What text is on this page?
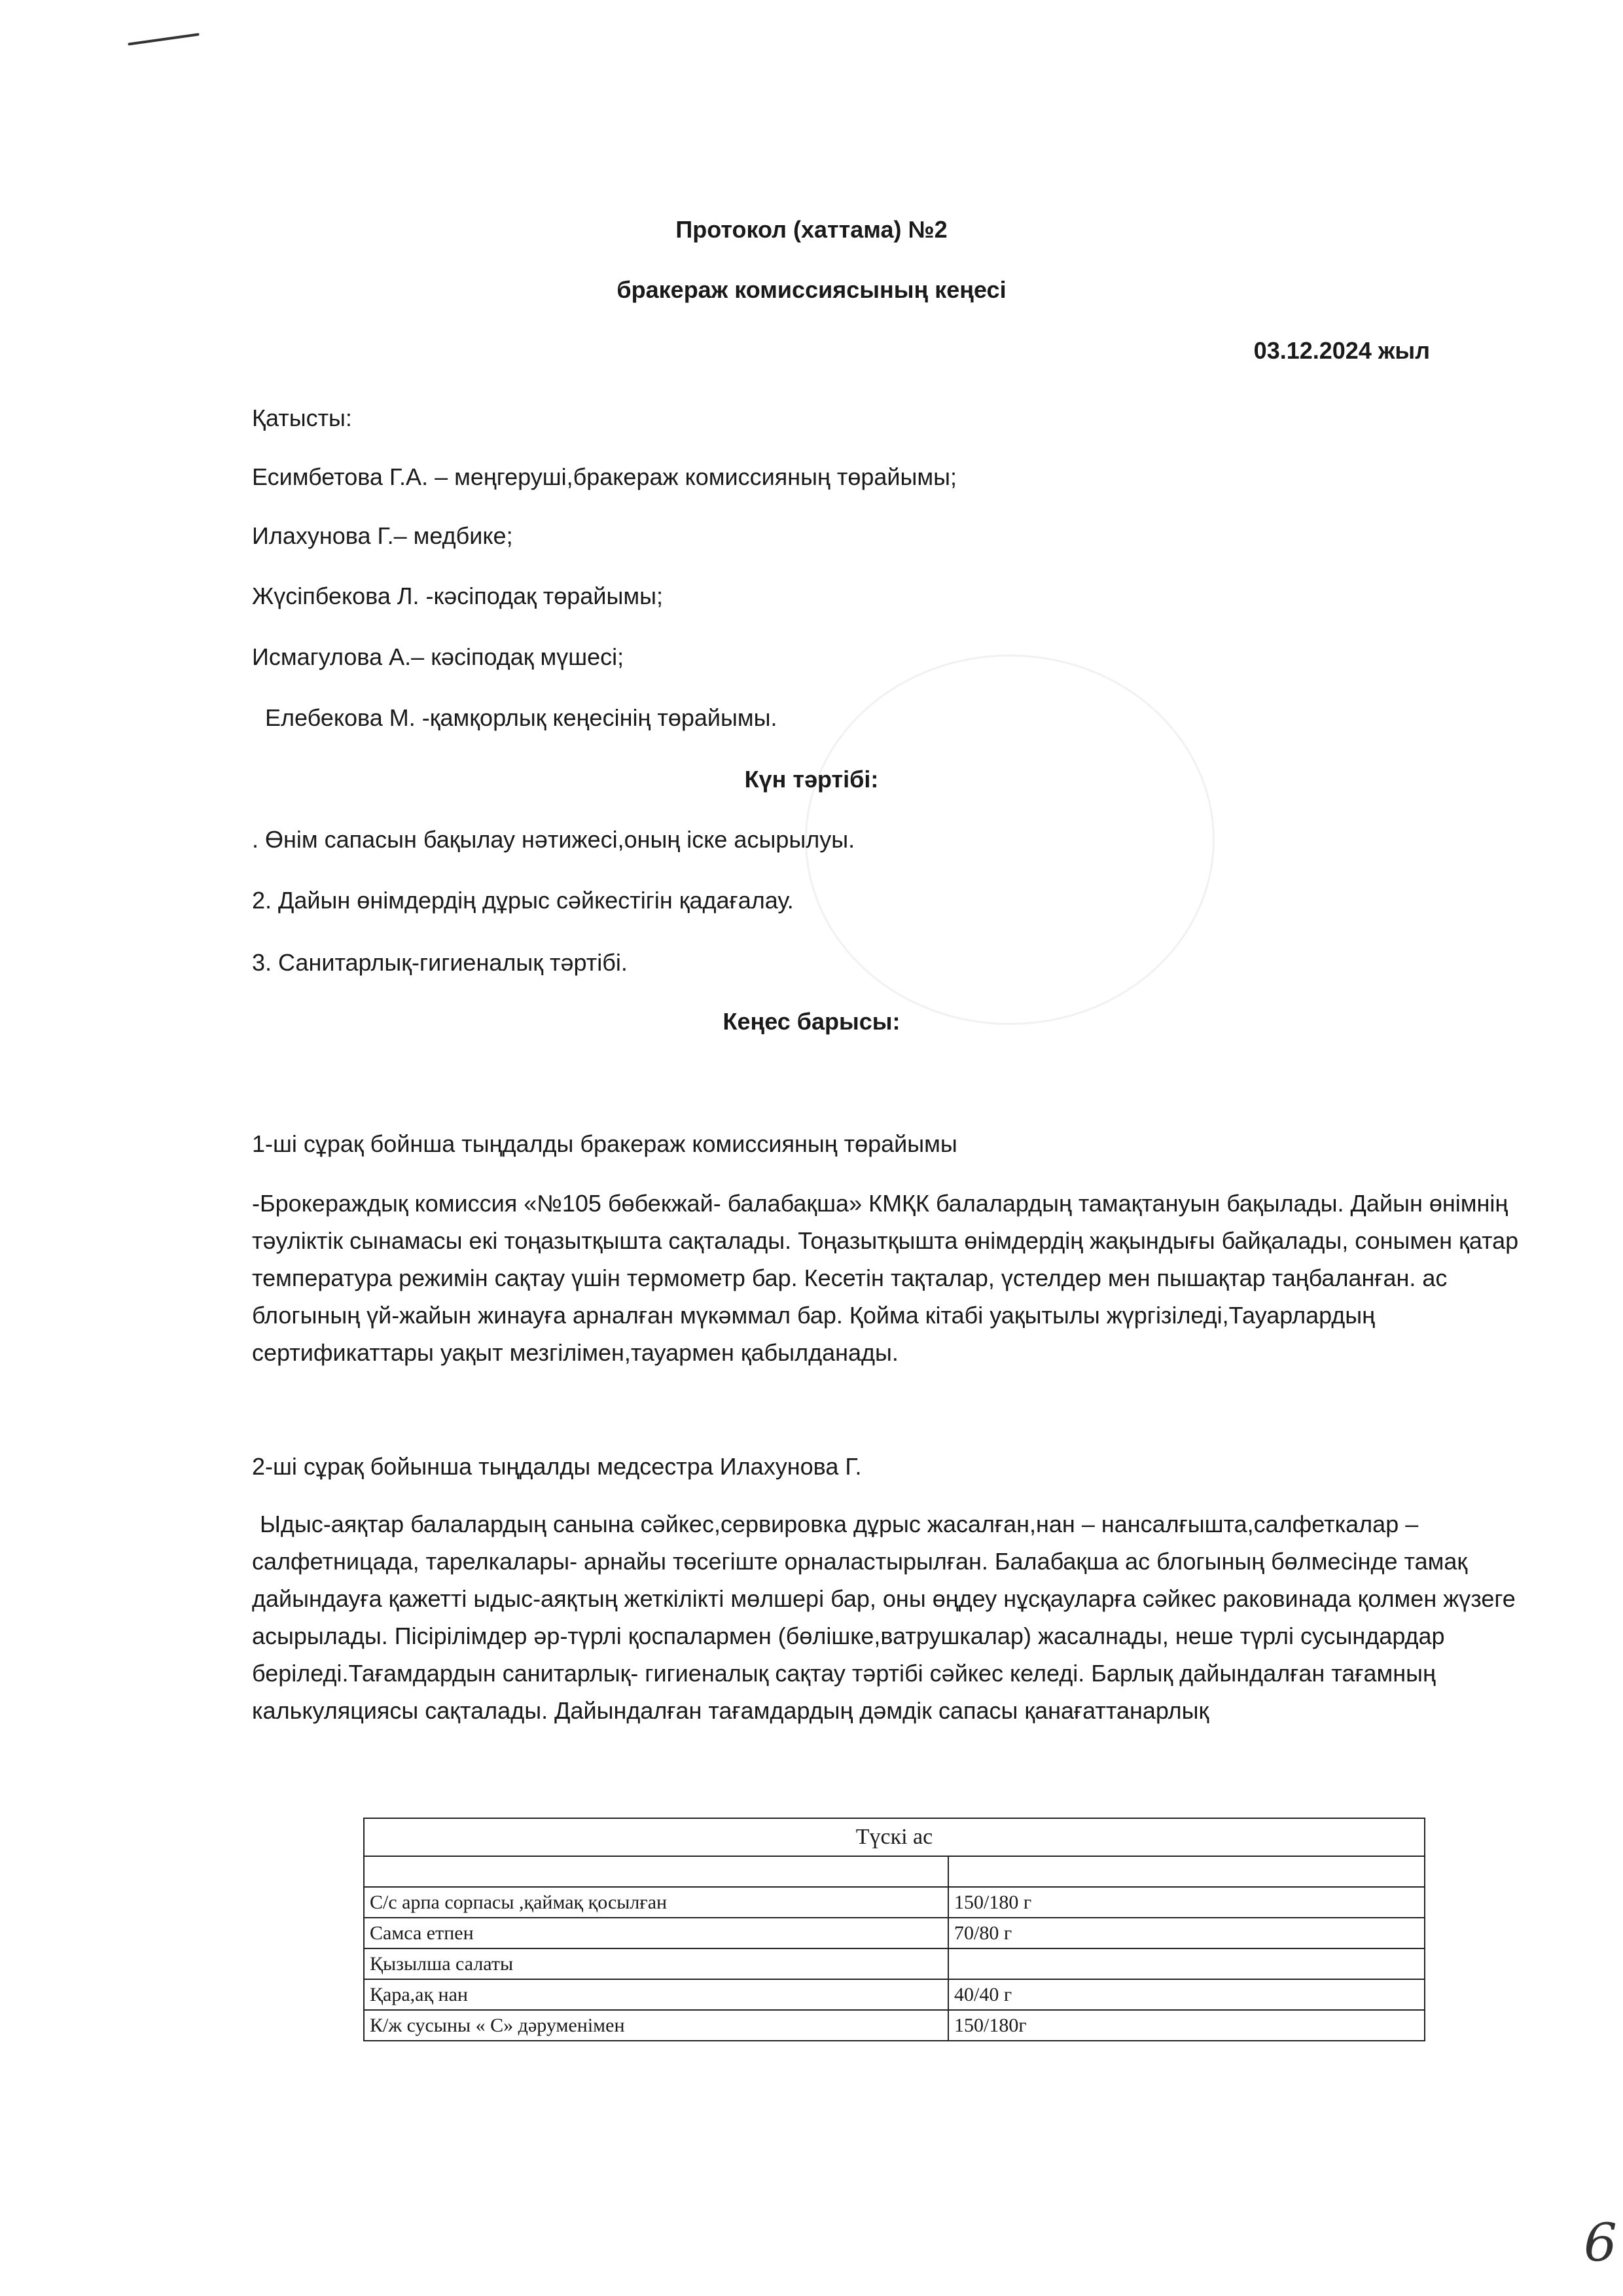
Протокол (хаттама) №2
бракераж комиссиясының кеңесі
03.12.2024 жыл
Қатысты:
Есимбетова Г.А. – меңгеруші,бракераж комиссияның төрайымы;
Илахунова Г.– медбике;
Жүсіпбекова Л. -кәсіподақ төрайымы;
Исмагулова А.– кәсіподақ мүшесі;
Елебекова М. -қамқорлық кеңесінің төрайымы.
Күн тәртібі:
. Өнім сапасын бақылау нәтижесі,оның іске асырылуы.
2. Дайын өнімдердің дұрыс сәйкестігін қадағалау.
3. Санитарлық-гигиеналық тәртібі.
Кеңес барысы:
1-ші сұрақ бойнша тыңдалды бракераж комиссияның төрайымы
-Брокераждық комиссия «№105 бөбекжай- балабақша» КМҚК балалардың тамақтануын бақылады. Дайын өнімнің тәуліктік сынамасы екі тоңазытқышта сақталады. Тоңазытқышта өнімдердің жақындығы байқалады, сонымен қатар температура режимін сақтау үшін термометр бар. Кесетін тақталар, үстелдер мен пышақтар таңбаланған. ас блогының үй-жайын жинауға арналған мүкәммал бар. Қойма кітабі уақытылы жүргізіледі,Тауарлардың сертификаттары уақыт мезгілімен,тауармен қабылданады.
2-ші сұрақ бойынша тыңдалды медсестра Илахунова Г.
Ыдыс-аяқтар балалардың санына сәйкес,сервировка дұрыс жасалған,нан – нансалғышта,салфеткалар –салфетницада, тарелкалары- арнайы төсегіште орналастырылған. Балабақша ас блогының бөлмесінде тамақ дайындауға қажетті ыдыс-аяқтың жеткілікті мөлшері бар, оны өңдеу нұсқауларға сәйкес раковинада қолмен жүзеге асырылады. Пісірілімдер әр-түрлі қоспалармен (бөлішке,ватрушкалар) жасалнады, неше түрлі сусындардар беріледі.Тағамдардын санитарлық- гигиеналық сақтау тәртібі сәйкес келеді. Барлық дайындалған тағамның калькуляциясы сақталады. Дайындалған тағамдардың дәмдік сапасы қанағаттанарлық
Түскі ас	

С/с арпа сорпасы ,қаймақ қосылған	150/180 г
Самса етпен	70/80 г
Қызылша салаты	
Қара,ақ нан	40/40 г
К/ж сусыны « С» дәруменімен	150/180г
6
